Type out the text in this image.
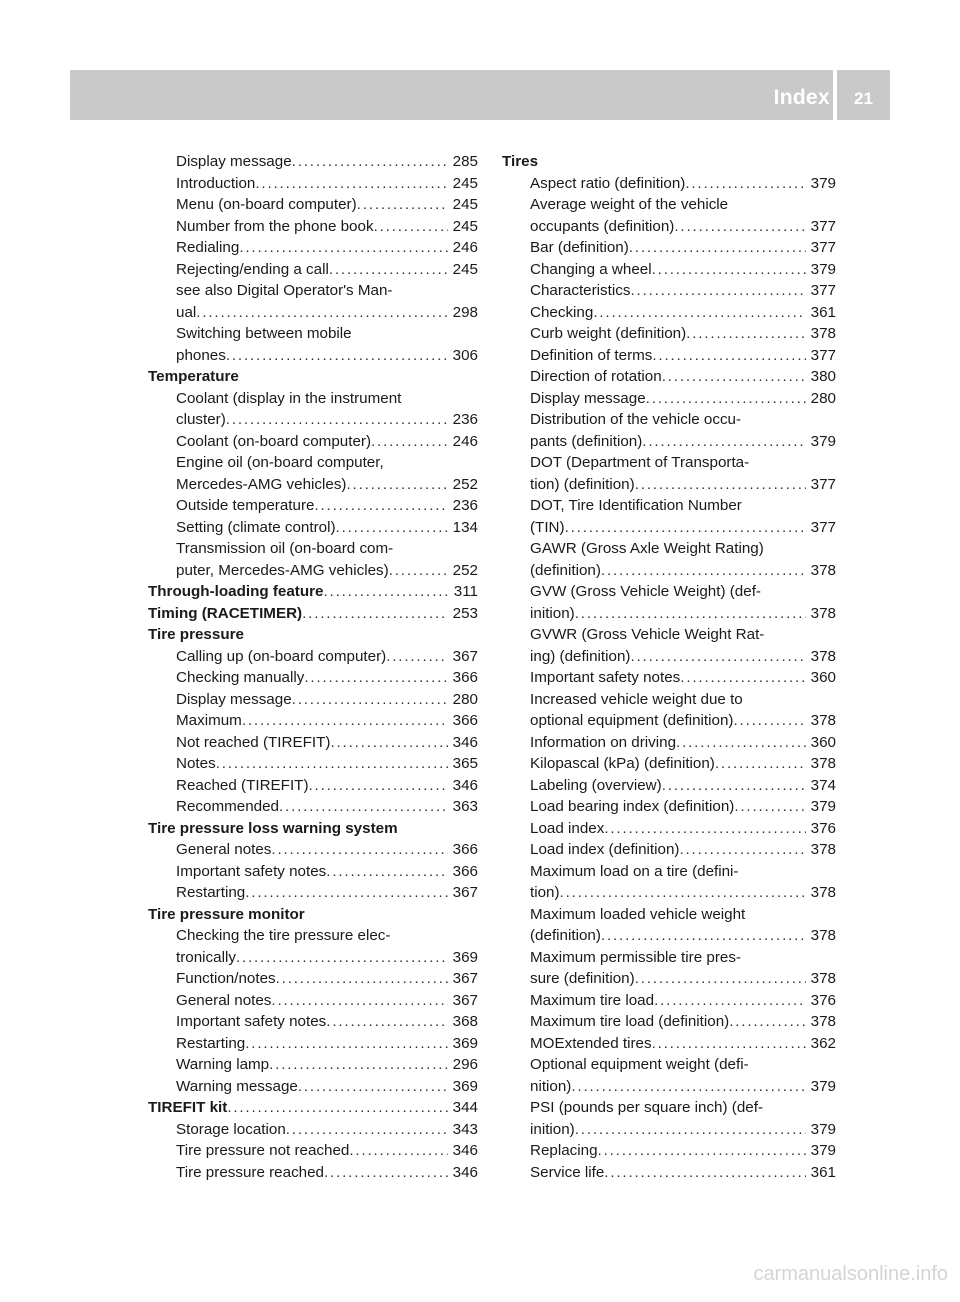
Index	21
Display message . . .	285
Introduction . . .	245
Menu (on-board computer) . . .	245
Number from the phone book . . .	245
Redialing . . .	246
Rejecting/ending a call . . .	245
see also Digital Operator's Man-
ual . . .	298
Switching between mobile
phones . . .	306
Temperature
Coolant (display in the instrument
cluster) . . .	236
Coolant (on-board computer) . . .	246
Engine oil (on-board computer,
Mercedes-AMG vehicles) . . .	252
Outside temperature . . .	236
Setting (climate control) . . .	134
Transmission oil (on-board com-
puter, Mercedes-AMG vehicles) . . .	252
Through-loading feature . . .	311
Timing (RACETIMER) . . .	253
Tire pressure
Calling up (on-board computer) . . .	367
Checking manually . . .	366
Display message . . .	280
Maximum . . .	366
Not reached (TIREFIT) . . .	346
Notes . . .	365
Reached (TIREFIT) . . .	346
Recommended . . .	363
Tire pressure loss warning system
General notes . . .	366
Important safety notes . . .	366
Restarting . . .	367
Tire pressure monitor
Checking the tire pressure elec-
tronically . . .	369
Function/notes . . .	367
General notes . . .	367
Important safety notes . . .	368
Restarting . . .	369
Warning lamp . . .	296
Warning message . . .	369
TIREFIT kit . . .	344
Storage location . . .	343
Tire pressure not reached . . .	346
Tire pressure reached . . .	346
Tires
Aspect ratio (definition) . . .	379
Average weight of the vehicle
occupants (definition) . . .	377
Bar (definition) . . .	377
Changing a wheel . . .	379
Characteristics . . .	377
Checking . . .	361
Curb weight (definition) . . .	378
Definition of terms . . .	377
Direction of rotation . . .	380
Display message . . .	280
Distribution of the vehicle occu-
pants (definition) . . .	379
DOT (Department of Transporta-
tion) (definition) . . .	377
DOT, Tire Identification Number
(TIN) . . .	377
GAWR (Gross Axle Weight Rating)
(definition) . . .	378
GVW (Gross Vehicle Weight) (def-
inition) . . .	378
GVWR (Gross Vehicle Weight Rat-
ing) (definition) . . .	378
Important safety notes . . .	360
Increased vehicle weight due to
optional equipment (definition) . . .	378
Information on driving . . .	360
Kilopascal (kPa) (definition) . . .	378
Labeling (overview) . . .	374
Load bearing index (definition) . . .	379
Load index . . .	376
Load index (definition) . . .	378
Maximum load on a tire (defini-
tion) . . .	378
Maximum loaded vehicle weight
(definition) . . .	378
Maximum permissible tire pres-
sure (definition) . . .	378
Maximum tire load . . .	376
Maximum tire load (definition) . . .	378
MOExtended tires . . .	362
Optional equipment weight (defi-
nition) . . .	379
PSI (pounds per square inch) (def-
inition) . . .	379
Replacing . . .	379
Service life . . .	361
carmanualsonline.info
